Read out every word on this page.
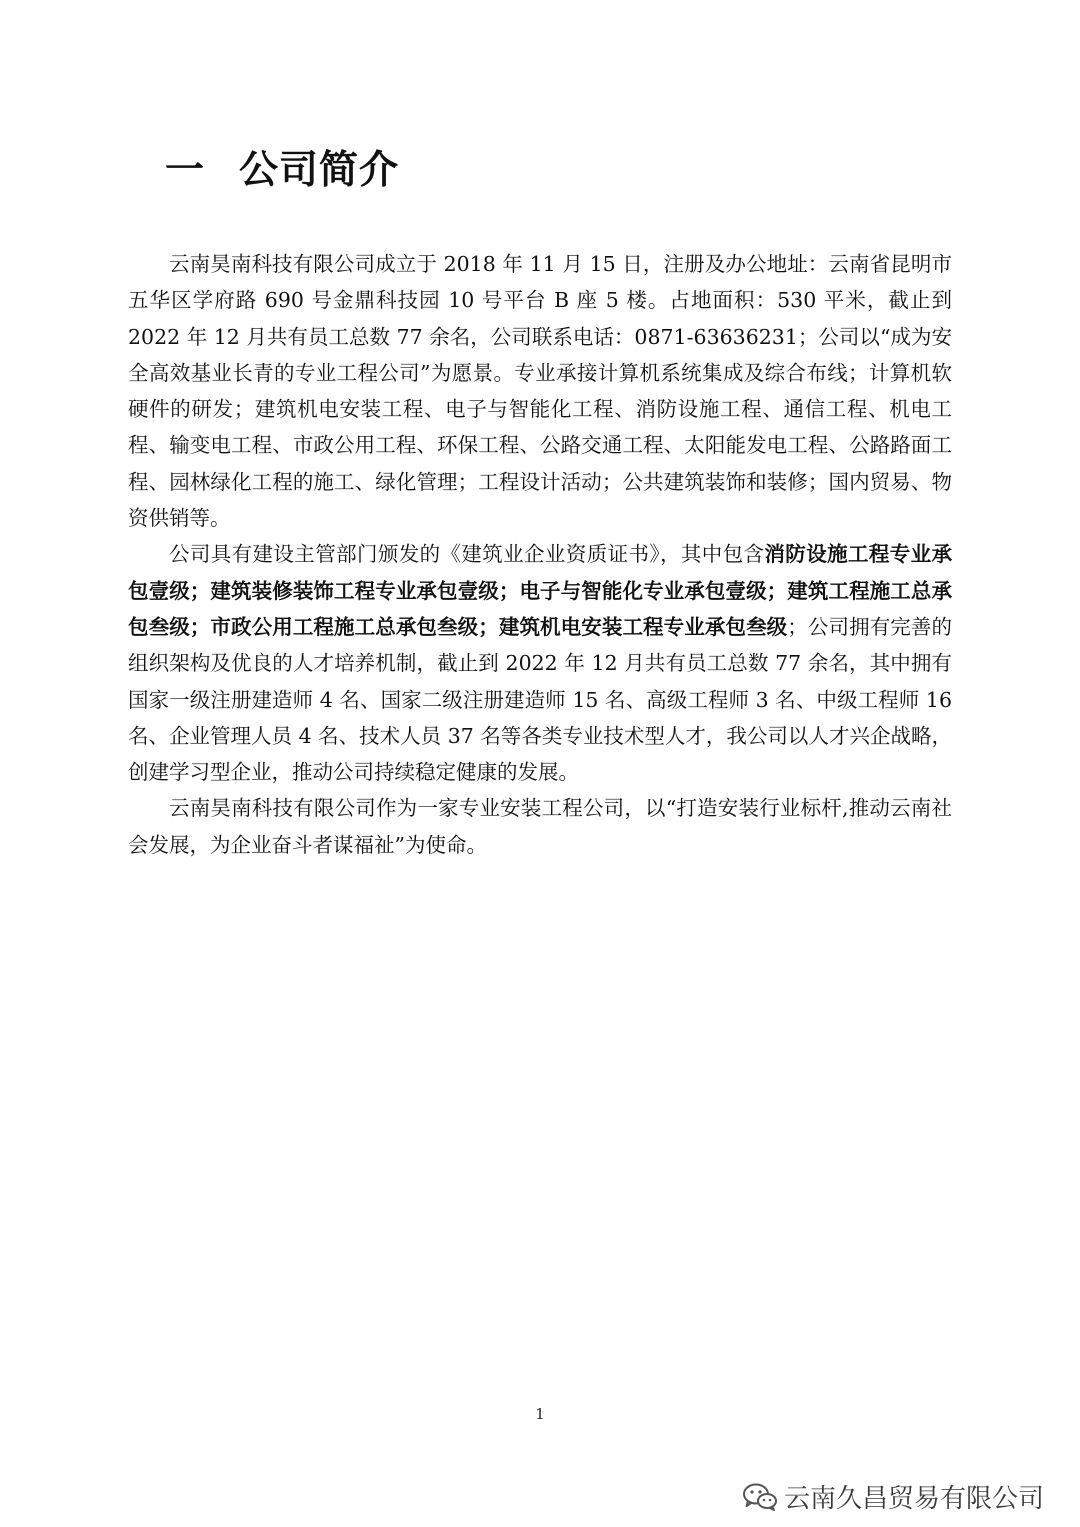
一 公司简介

云南昊南科技有限公司成立于 2018 年 11 月 15 日，注册及办公地址：云南省昆明市五华区学府路 690 号金鼎科技园 10 号平台 B 座 5 楼。占地面积：530 平米，截止到 2022 年 12 月共有员工总数 77 余名，公司联系电话：0871-63636231；公司以“成为安全高效基业长青的专业工程公司”为愿景。专业承接计算机系统集成及综合布线；计算机软硬件的研发；建筑机电安装工程、电子与智能化工程、消防设施工程、通信工程、机电工程、输变电工程、市政公用工程、环保工程、公路交通工程、太阳能发电工程、公路路面工程、园林绿化工程的施工、绿化管理；工程设计活动；公共建筑装饰和装修；国内贸易、物资供销等。

公司具有建设主管部门颁发的《建筑业企业资质证书》，其中包含消防设施工程专业承包壹级；建筑装修装饰工程专业承包壹级；电子与智能化专业承包壹级；建筑工程施工总承包叁级；市政公用工程施工总承包叁级；建筑机电安装工程专业承包叁级；公司拥有完善的组织架构及优良的人才培养机制，截止到 2022 年 12 月共有员工总数 77 余名，其中拥有国家一级注册建造师 4 名、国家二级注册建造师 15 名、高级工程师 3 名、中级工程师 16 名、企业管理人员 4 名、技术人员 37 名等各类专业技术型人才，我公司以人才兴企战略，创建学习型企业，推动公司持续稳定健康的发展。

云南昊南科技有限公司作为一家专业安装工程公司，以“打造安装行业标杆,推动云南社会发展，为企业奋斗者谋福祉”为使命。

1
云南久昌贸易有限公司
